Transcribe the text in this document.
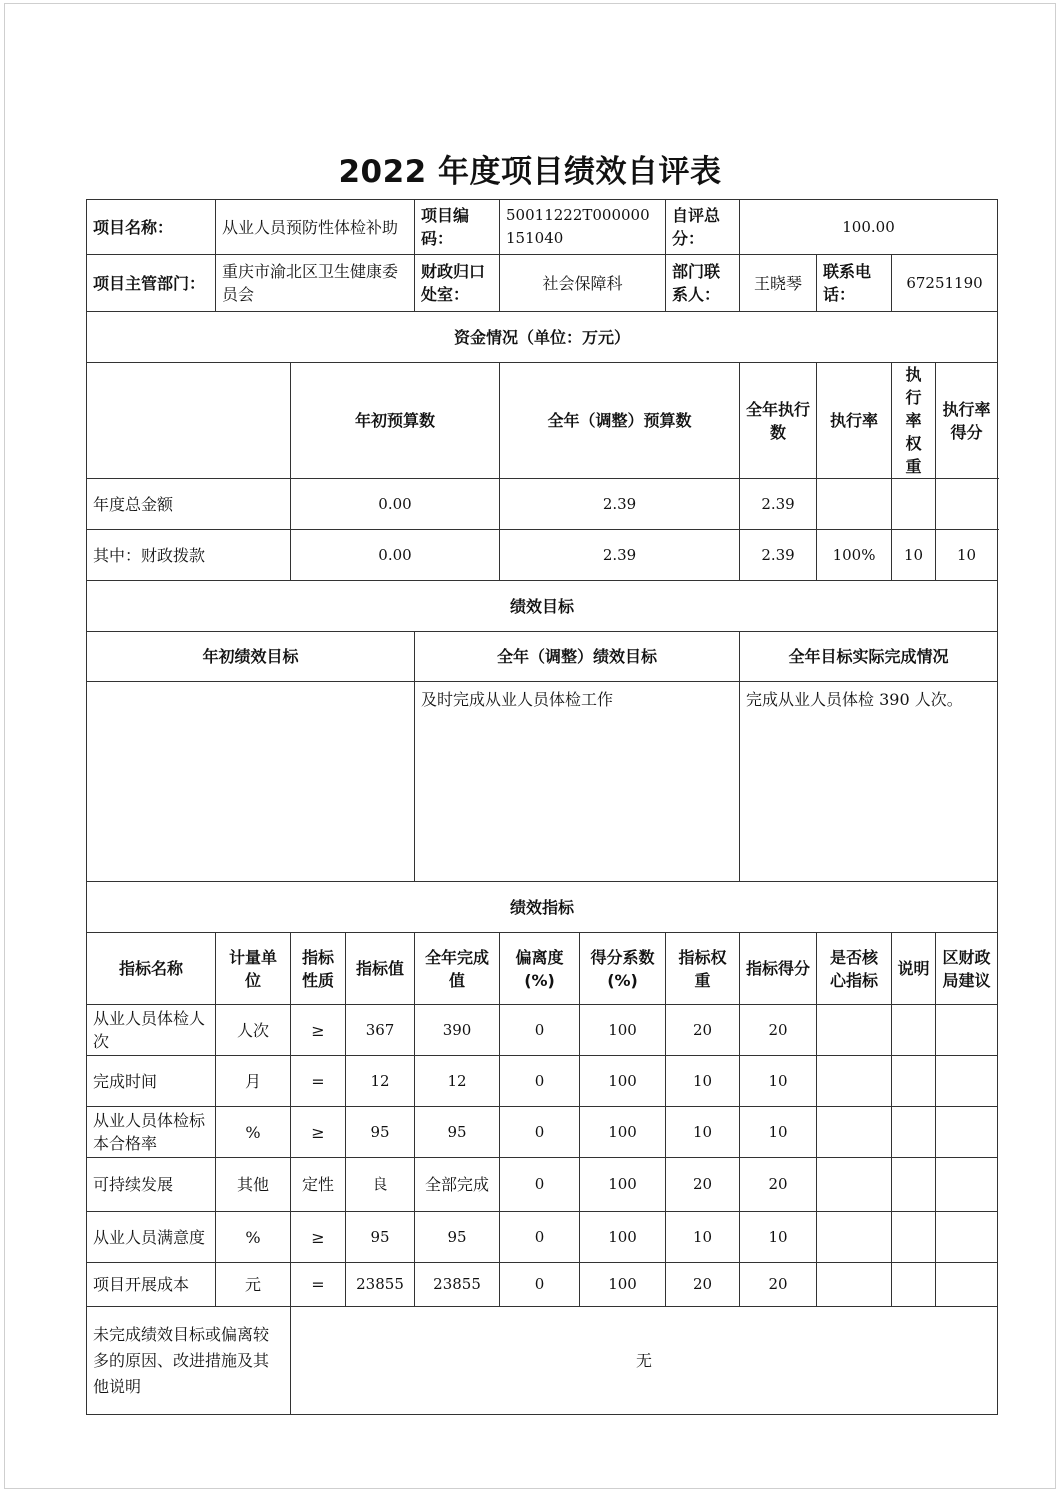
2022 年度项目绩效自评表
项目名称：	从业人员预防性体检补助			项目编码：	50011222T000000151040		自评总分：	100.00			
项目主管部门：	重庆市渝北区卫生健康委员会			财政归口处室：	社会保障科		部门联系人：	王晓琴	联系电话：	67251190	
资金情况（单位：万元）											
		年初预算数			全年（调整）预算数			全年执行数	执行率	执行率权重	执行率得分
年度总金额		0.00			2.39			2.39			
其中：财政拨款		0.00			2.39			2.39	100%	10	10
绩效目标											
年初绩效目标				全年（调整）绩效目标				全年目标实际完成情况			
				及时完成从业人员体检工作				完成从业人员体检 390 人次。			
绩效指标											
指标名称	计量单位	指标性质	指标值	全年完成值	偏离度(%)	得分系数(%)	指标权重	指标得分	是否核心指标	说明	区财政局建议
从业人员体检人次	人次	≥	367	390	0	100	20	20			
完成时间	月	=	12	12	0	100	10	10			
从业人员体检标本合格率	%	≥	95	95	0	100	10	10			
可持续发展	其他	定性	良	全部完成	0	100	20	20			
从业人员满意度	%	≥	95	95	0	100	10	10			
项目开展成本	元	=	23855	23855	0	100	20	20			
未完成绩效目标或偏离较多的原因、改进措施及其他说明		无									
